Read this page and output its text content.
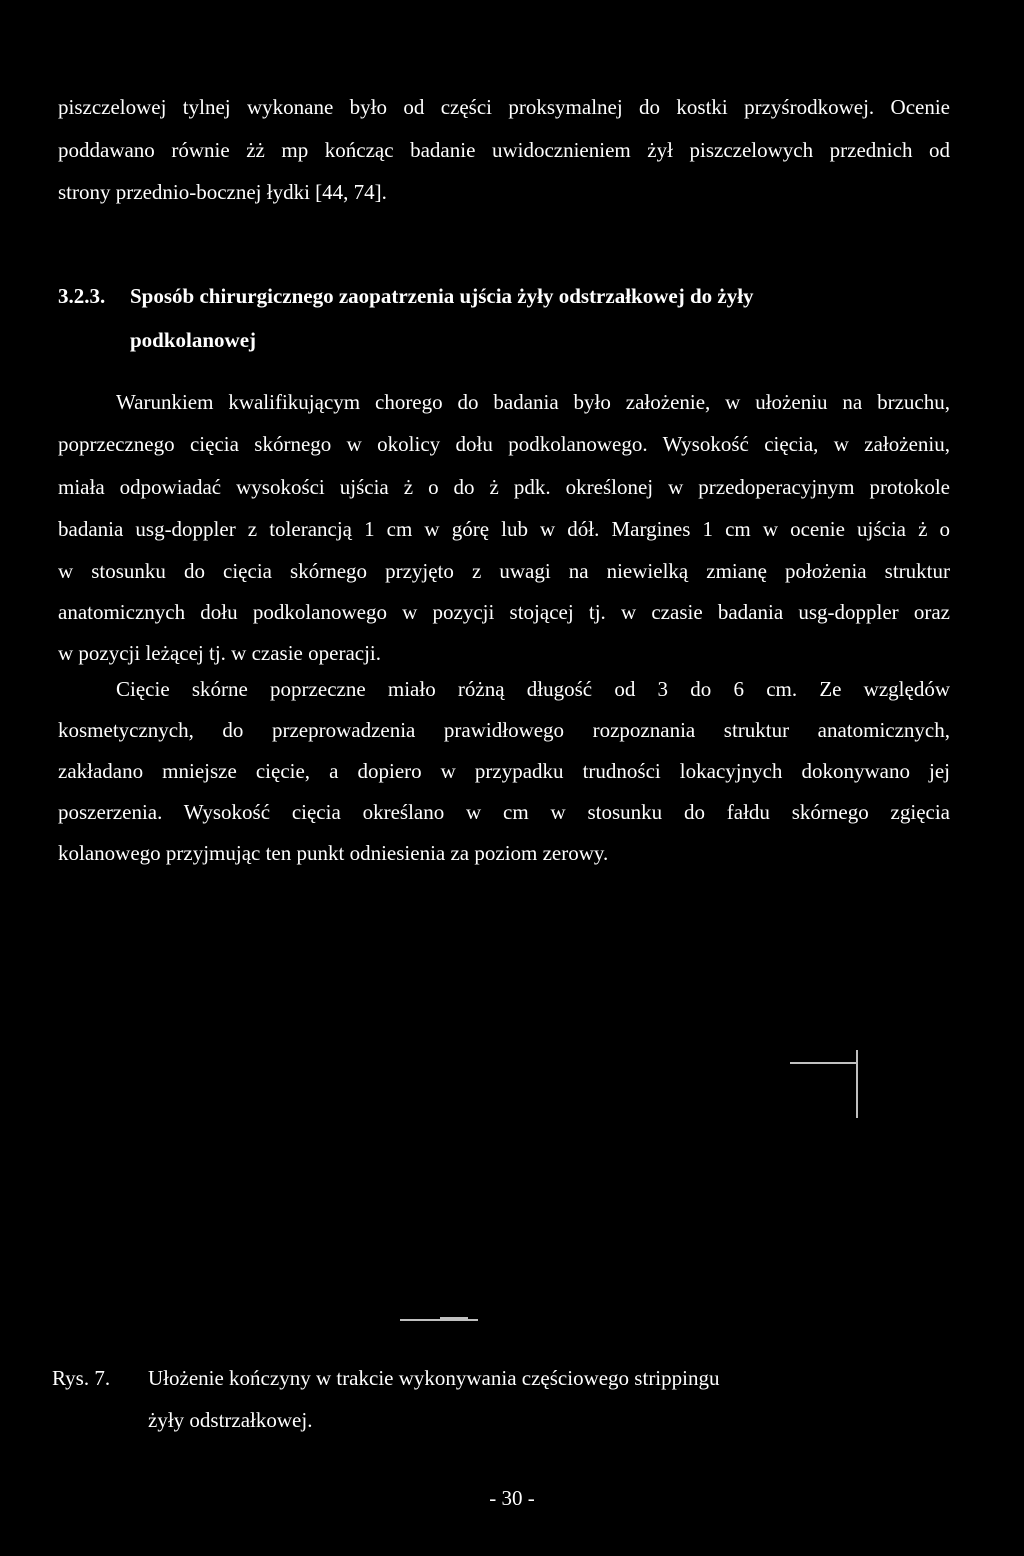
piszczelowej tylnej wykonane było od części proksymalnej do kostki przyśrodkowej. Ocenie
poddawano równie żż mp kończąc badanie uwidocznieniem żył piszczelowych przednich od
strony przednio-bocznej łydki [44, 74].
3.2.3. Sposób chirurgicznego zaopatrzenia ujścia żyły odstrzałkowej do żyły
podkolanowej
Warunkiem kwalifikującym chorego do badania było założenie, w ułożeniu na brzuchu,
poprzecznego cięcia skórnego w okolicy dołu podkolanowego. Wysokość cięcia, w założeniu,
miała odpowiadać wysokości ujścia ż o do ż pdk. określonej w przedoperacyjnym protokole
badania usg-doppler z tolerancją 1 cm w górę lub w dół. Margines 1 cm w ocenie ujścia ż o
w stosunku do cięcia skórnego przyjęto z uwagi na niewielką zmianę położenia struktur
anatomicznych dołu podkolanowego w pozycji stojącej tj. w czasie badania usg-doppler oraz
w pozycji leżącej tj. w czasie operacji.
Cięcie skórne poprzeczne miało różną długość od 3 do 6 cm. Ze względów
kosmetycznych, do przeprowadzenia prawidłowego rozpoznania struktur anatomicznych,
zakładano mniejsze cięcie, a dopiero w przypadku trudności lokacyjnych dokonywano jej
poszerzenia. Wysokość cięcia określano w cm w stosunku do fałdu skórnego zgięcia
kolanowego przyjmując ten punkt odniesienia za poziom zerowy.
Rys. 7. Ułożenie kończyny w trakcie wykonywania częściowego strippingu
żyły odstrzałkowej.
- 30 -
